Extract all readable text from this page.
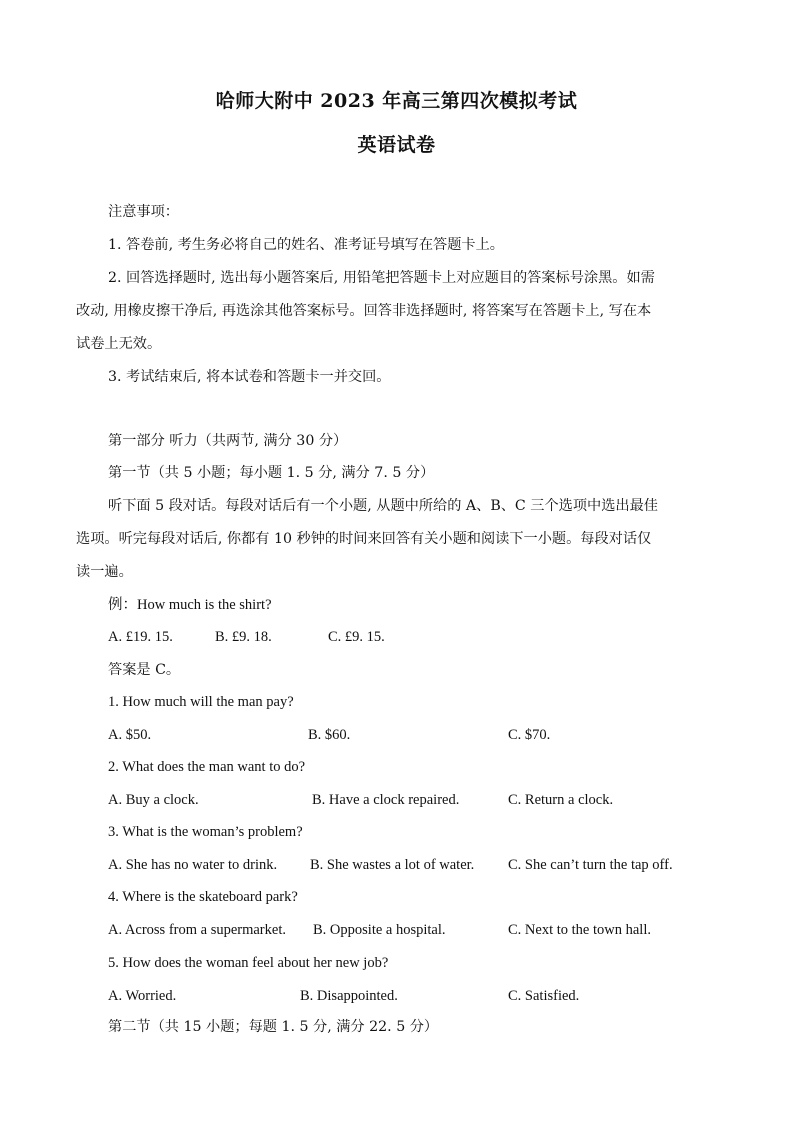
哈师大附中 2023 年高三第四次模拟考试
英语试卷
注意事项：
1. 答卷前, 考生务必将自己的姓名、准考证号填写在答题卡上。
2. 回答选择题时, 选出每小题答案后, 用铅笔把答题卡上对应题目的答案标号涂黑。如需
改动, 用橡皮擦干净后, 再选涂其他答案标号。回答非选择题时, 将答案写在答题卡上, 写在本
试卷上无效。
3. 考试结束后, 将本试卷和答题卡一并交回。
第一部分 听力（共两节, 满分 30 分）
第一节（共 5 小题；每小题 1. 5 分, 满分 7. 5 分）
听下面 5 段对话。每段对话后有一个小题, 从题中所给的 A、B、C 三个选项中选出最佳
选项。听完每段对话后, 你都有 10 秒钟的时间来回答有关小题和阅读下一小题。每段对话仅
读一遍。
例：How much is the shirt?
A. £19. 15.	B. £9. 18.	C. £9. 15.
答案是 C。
1. How much will the man pay?
A. $50.	B. $60.	C. $70.
2. What does the man want to do?
A. Buy a clock.	B. Have a clock repaired.	C. Return a clock.
3. What is the woman’s problem?
A. She has no water to drink. B. She wastes a lot of water. C. She can’t turn the tap off.
4. Where is the skateboard park?
A. Across from a supermarket. B. Opposite a hospital.	C. Next to the town hall.
5. How does the woman feel about her new job?
A. Worried.	B. Disappointed.	C. Satisfied.
第二节（共 15 小题；每题 1. 5 分, 满分 22. 5 分）
